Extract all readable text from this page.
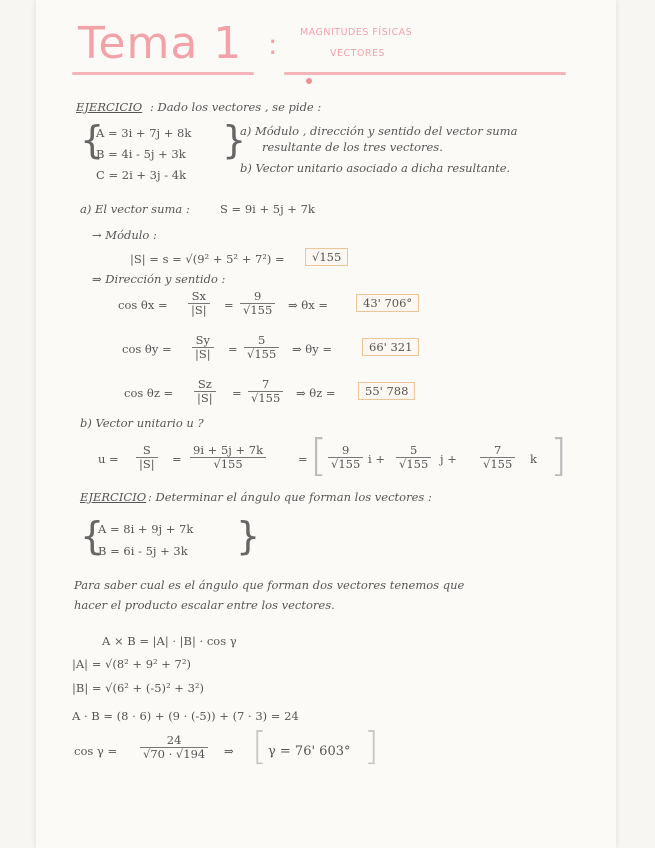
Tema 1 : MAGNITUDES FÍSICAS
VECTORES
EJERCICIO : Dado los vectores , se pide :
{
A = 3i + 7j + 8k
B = 4i - 5j + 3k
C = 2i + 3j - 4k
}
a) Módulo , dirección y sentido del vector suma
resultante de los tres vectores.
b) Vector unitario asociado a dicha resultante.
a) El vector suma :	S = 9i + 5j + 7k
→ Módulo :
|S| = s = √(9² + 5² + 7²) =	√155
⇒ Dirección y sentido :
$\cos \theta x = \frac{Sx}{|S|} = \frac{9}{√155}$ ⇒ θx =	43' 706°
$\cos \theta y = \frac{Sy}{|S|} = \frac{5}{√155}$ ⇒ θy =	66' 321
$\cos \theta z = \frac{Sz}{|S|} = \frac{7}{√155}$ ⇒ θz =	55' 788
b) Vector unitario u ?
$u = \frac{S}{|S|} = \frac{9i + 5j + 7k}{√155}$	= [ $\frac{9}{√155}$ $i + \frac{5}{√155}$ $j + \frac{7}{√155}$ k ]
EJERCICIO : Determinar el ángulo que forman los vectores :
{
A = 8i + 9j + 7k
B = 6i - 5j + 3k }
Para saber cual es el ángulo que forman dos vectores tenemos que
hacer el producto escalar entre los vectores.
A × B = |A| · |B| · cos γ
|A| = √(8² + 9² + 7²)
|B| = √(6² + (-5)² + 3²)
A · B = (8 · 6) + (9 · (-5)) + (7 · 3) = 24
$\cos \gamma = \frac{24}{√70 \cdot √194}$ ⇒ [ γ = 76' 603° ]
